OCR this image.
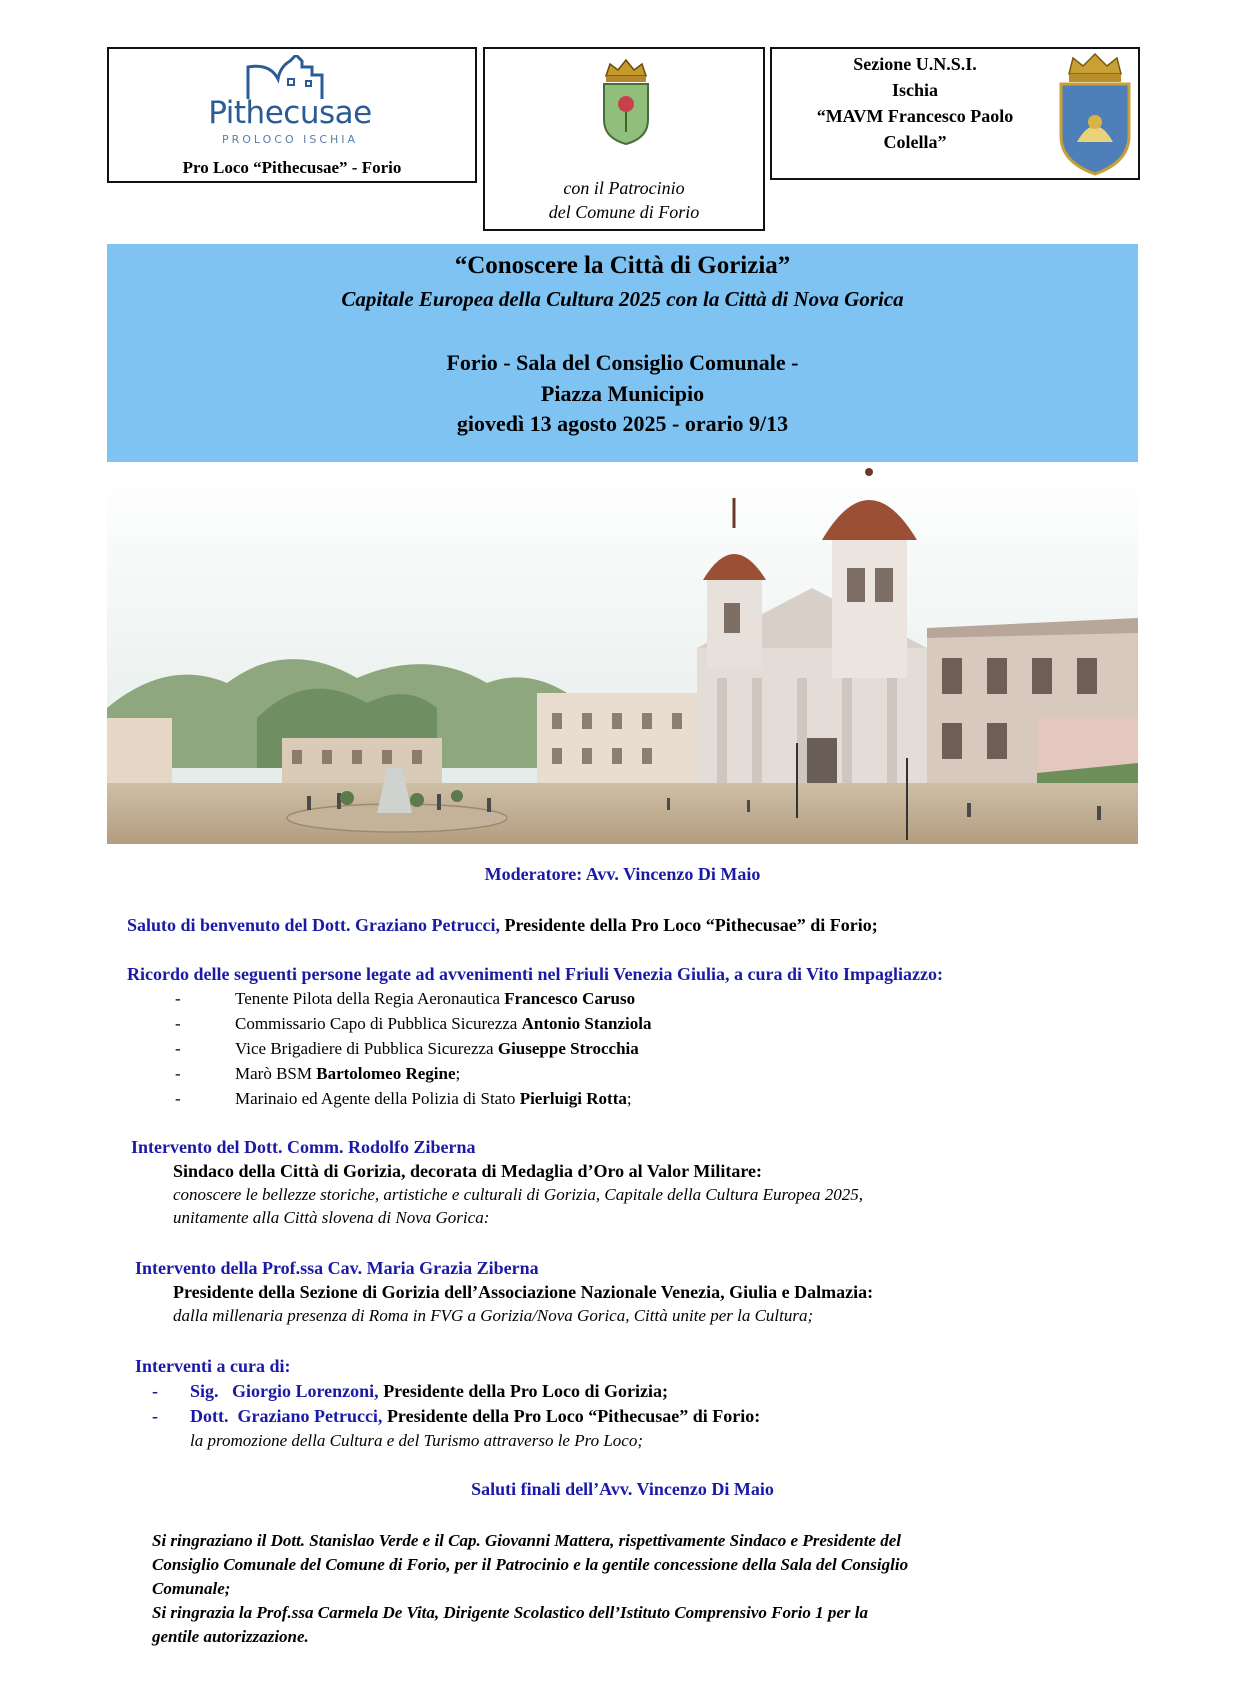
Pithecusae
PROLOCO ISCHIA
Pro Loco “Pithecusae” - Forio
con il Patrocinio
del Comune di Forio
Sezione U.N.S.I.
Ischia
“MAVM Francesco Paolo
Colella”
“Conoscere la Città di Gorizia”
Capitale Europea della Cultura 2025 con la Città di Nova Gorica
Forio - Sala del Consiglio Comunale -
Piazza Municipio
giovedì 13 agosto 2025 - orario 9/13
Moderatore: Avv. Vincenzo Di Maio
Saluto di benvenuto del Dott. Graziano Petrucci, Presidente della Pro Loco “Pithecusae” di Forio;
Ricordo delle seguenti persone legate ad avvenimenti nel Friuli Venezia Giulia, a cura di Vito Impagliazzo:
-	Tenente Pilota della Regia Aeronautica Francesco Caruso
-	Commissario Capo di Pubblica Sicurezza Antonio Stanziola
-	Vice Brigadiere di Pubblica Sicurezza Giuseppe Strocchia
-	Marò BSM Bartolomeo Regine;
-	Marinaio ed Agente della Polizia di Stato Pierluigi Rotta;
Intervento del Dott. Comm. Rodolfo Ziberna
Sindaco della Città di Gorizia, decorata di Medaglia d’Oro al Valor Militare:
conoscere le bellezze storiche, artistiche e culturali di Gorizia, Capitale della Cultura Europea 2025,
unitamente alla Città slovena di Nova Gorica:
Intervento della Prof.ssa Cav. Maria Grazia Ziberna
Presidente della Sezione di Gorizia dell’Associazione Nazionale Venezia, Giulia e Dalmazia:
dalla millenaria presenza di Roma in FVG a Gorizia/Nova Gorica, Città unite per la Cultura;
Interventi a cura di:
- Sig.   Giorgio Lorenzoni, Presidente della Pro Loco di Gorizia;
- Dott.  Graziano Petrucci, Presidente della Pro Loco “Pithecusae” di Forio:
la promozione della Cultura e del Turismo attraverso le Pro Loco;
Saluti finali dell’Avv. Vincenzo Di Maio
Si ringraziano il Dott. Stanislao Verde e il Cap. Giovanni Mattera, rispettivamente Sindaco e Presidente del
Consiglio Comunale del Comune di Forio, per il Patrocinio e la gentile concessione della Sala del Consiglio
Comunale;
Si ringrazia la Prof.ssa Carmela De Vita, Dirigente Scolastico dell’Istituto Comprensivo Forio 1 per la
gentile autorizzazione.
